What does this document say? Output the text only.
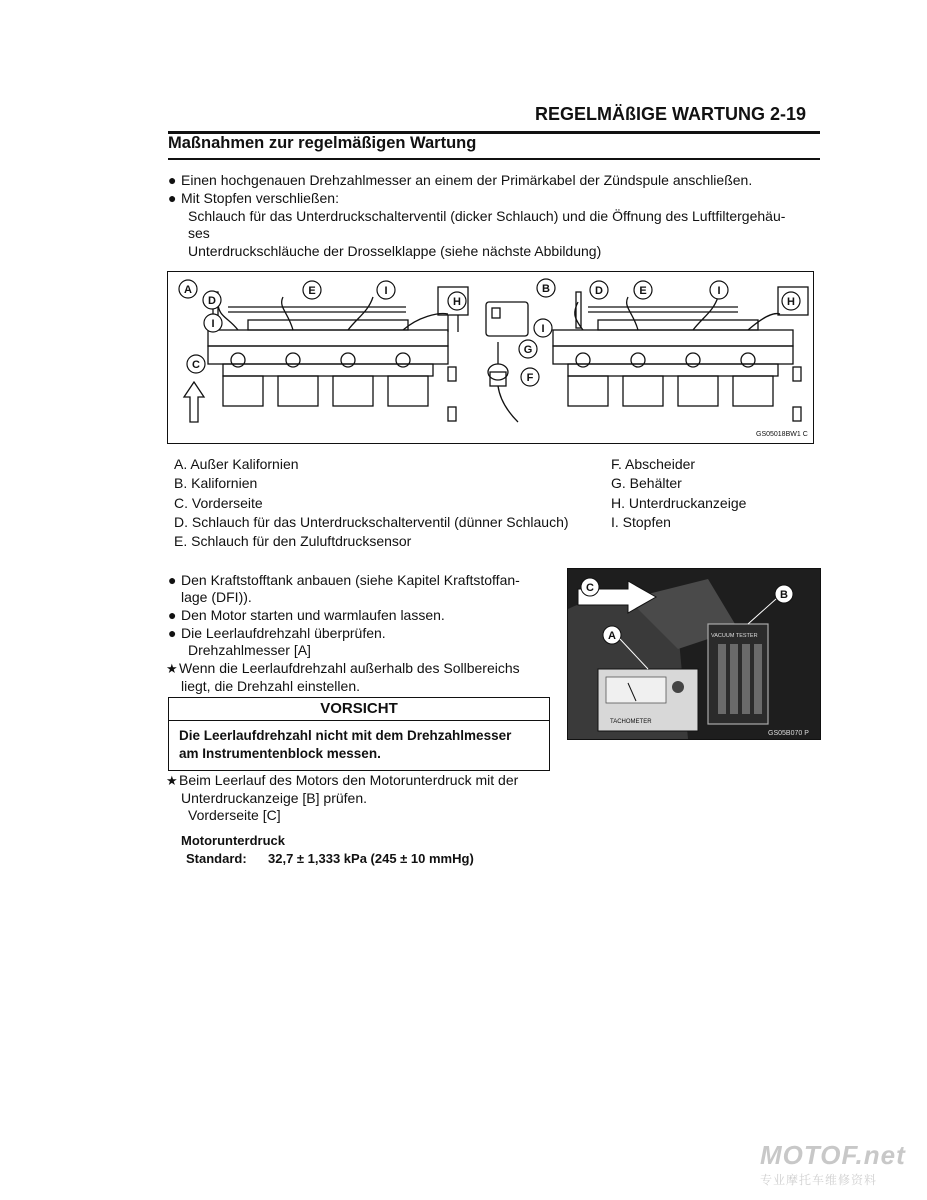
REGELMÄßIGE WARTUNG 2-19
Maßnahmen zur regelmäßigen Wartung
● Einen hochgenauen Drehzahlmesser an einem der Primärkabel der Zündspule anschließen.
● Mit Stopfen verschließen:
Schlauch für das Unterdruckschalterventil (dicker Schlauch) und die Öffnung des Luftfiltergehäu-
ses
Unterdruckschläuche der Drosselklappe (siehe nächste Abbildung)
A
D
E	I
I
C
H
B
I
G
F
D	E	I
H
GS05018BW1 C
A. Außer Kalifornien
B. Kalifornien
C. Vorderseite
D. Schlauch für das Unterdruckschalterventil (dünner Schlauch)
E. Schlauch für den Zuluftdrucksensor
F. Abscheider
G. Behälter
H. Unterdruckanzeige
I. Stopfen
● Den Kraftstofftank anbauen (siehe Kapitel Kraftstoffan-
lage (DFI)).
● Den Motor starten und warmlaufen lassen.
● Die Leerlaufdrehzahl überprüfen.
Drehzahlmesser [A]
★Wenn die Leerlaufdrehzahl außerhalb des Sollbereichs
liegt, die Drehzahl einstellen.
VORSICHT
Die Leerlaufdrehzahl nicht mit dem Drehzahlmesser
am Instrumentenblock messen.
★Beim Leerlauf des Motors den Motorunterdruck mit der
Unterdruckanzeige [B] prüfen.
Vorderseite [C]
Motorunterdruck
Standard: 32,7 ± 1,333 kPa (245 ± 10 mmHg)
TACHOMETER
VACUUM TESTER
C
A
B
GS05B070 P
MOTOF.net
专业摩托车维修资料
